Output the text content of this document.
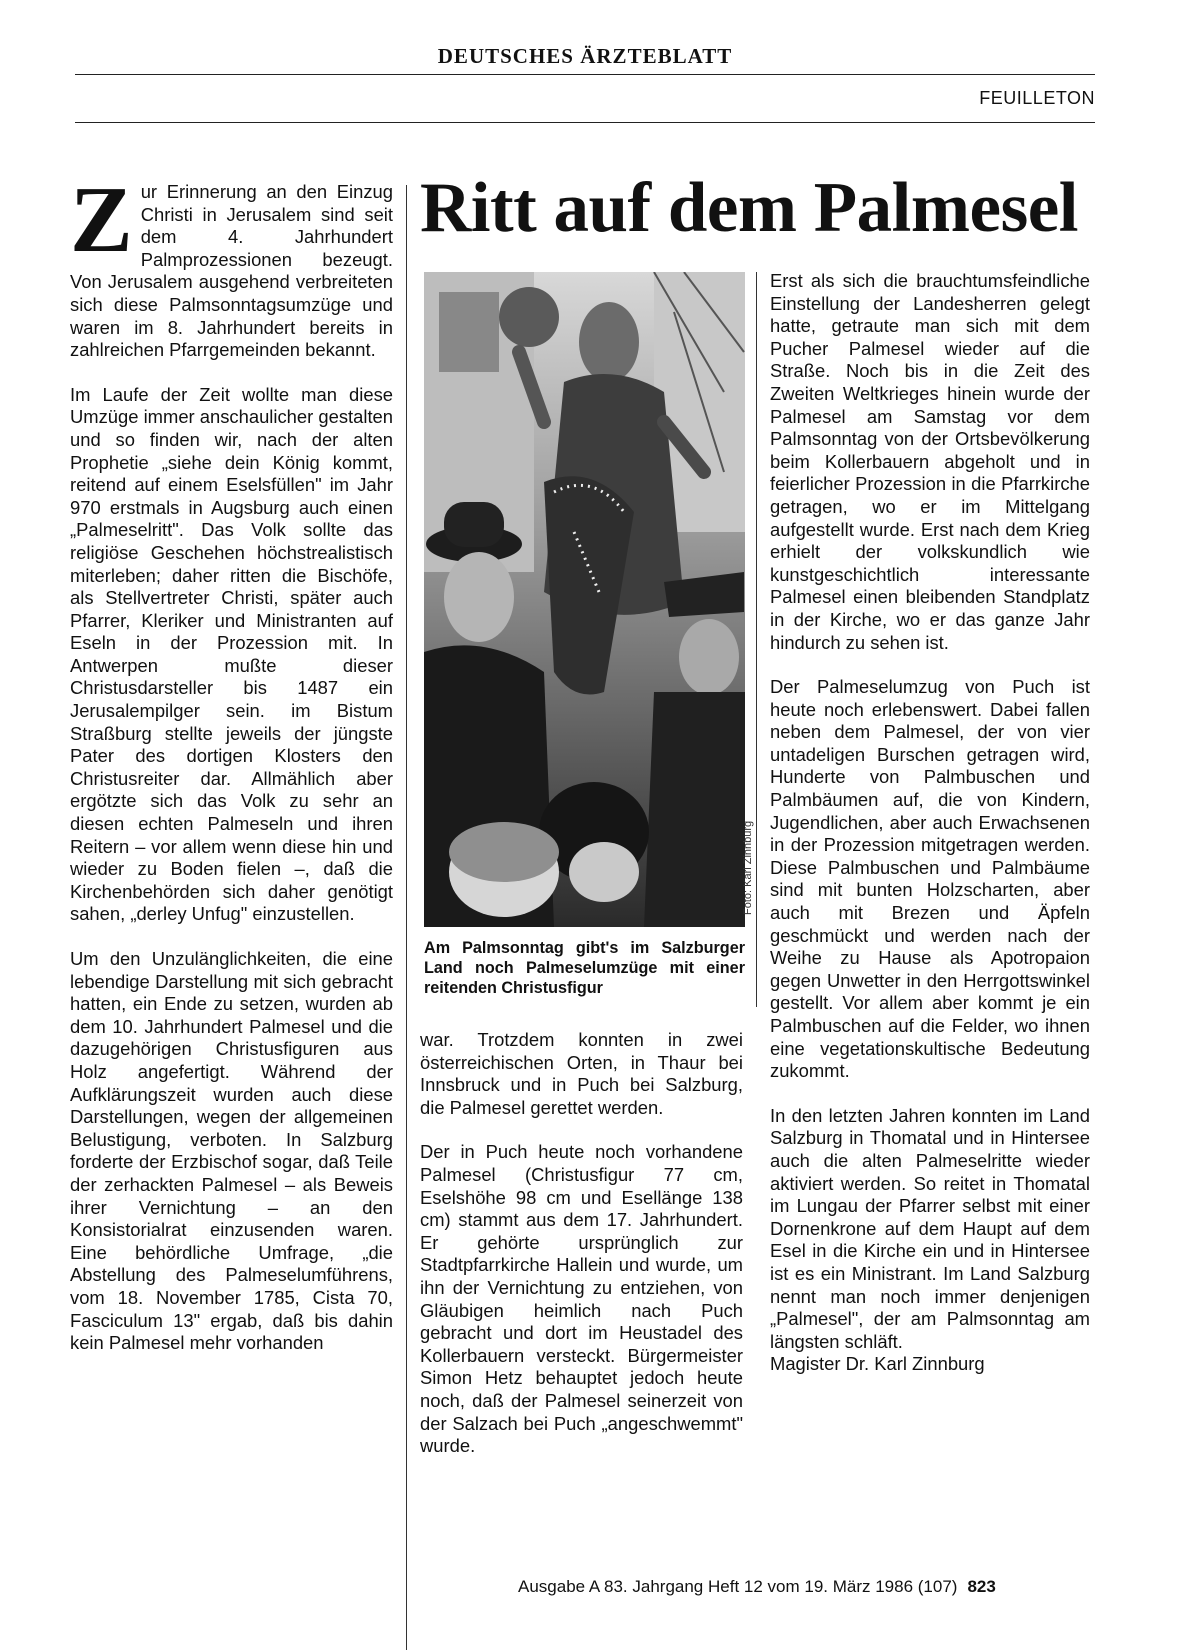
DEUTSCHES ÄRZTEBLATT
FEUILLETON

Zur Erinnerung an den Einzug Christi in Jerusalem sind seit dem 4. Jahrhundert Palmprozessionen bezeugt. Von Jerusalem ausgehend verbreiteten sich diese Palmsonntagsumzüge und waren im 8. Jahrhundert bereits in zahlreichen Pfarrgemeinden bekannt.

Im Laufe der Zeit wollte man diese Umzüge immer anschaulicher gestalten und so finden wir, nach der alten Prophetie „siehe dein König kommt, reitend auf einem Eselsfüllen" im Jahr 970 erstmals in Augsburg auch einen „Palmeselritt". Das Volk sollte das religiöse Geschehen höchstrealistisch miterleben; daher ritten die Bischöfe, als Stellvertreter Christi, später auch Pfarrer, Kleriker und Ministranten auf Eseln in der Prozession mit. In Antwerpen mußte dieser Christusdarsteller bis 1487 ein Jerusalempilger sein. im Bistum Straßburg stellte jeweils der jüngste Pater des dortigen Klosters den Christusreiter dar. Allmählich aber ergötzte sich das Volk zu sehr an diesen echten Palmeseln und ihren Reitern – vor allem wenn diese hin und wieder zu Boden fielen –, daß die Kirchenbehörden sich daher genötigt sahen, „derley Unfug" einzustellen.

Um den Unzulänglichkeiten, die eine lebendige Darstellung mit sich gebracht hatten, ein Ende zu setzen, wurden ab dem 10. Jahrhundert Palmesel und die dazugehörigen Christusfiguren aus Holz angefertigt. Während der Aufklärungszeit wurden auch diese Darstellungen, wegen der allgemeinen Belustigung, verboten. In Salzburg forderte der Erzbischof sogar, daß Teile der zerhackten Palmesel – als Beweis ihrer Vernichtung – an den Konsistorialrat einzusenden waren. Eine behördliche Umfrage, „die Abstellung des Palmeselumführens, vom 18. November 1785, Cista 70, Fasciculum 13" ergab, daß bis dahin kein Palmesel mehr vorhanden

Ritt auf dem Palmesel
Foto: Karl Zinnburg
Am Palmsonntag gibt's im Salzburger Land noch Palmeselumzüge mit einer reitenden Christusfigur

war. Trotzdem konnten in zwei österreichischen Orten, in Thaur bei Innsbruck und in Puch bei Salzburg, die Palmesel gerettet werden.

Der in Puch heute noch vorhandene Palmesel (Christusfigur 77 cm, Eselshöhe 98 cm und Esellänge 138 cm) stammt aus dem 17. Jahrhundert. Er gehörte ursprünglich zur Stadtpfarrkirche Hallein und wurde, um ihn der Vernichtung zu entziehen, von Gläubigen heimlich nach Puch gebracht und dort im Heustadel des Kollerbauern versteckt. Bürgermeister Simon Hetz behauptet jedoch heute noch, daß der Palmesel seinerzeit von der Salzach bei Puch „angeschwemmt" wurde.

Erst als sich die brauchtumsfeindliche Einstellung der Landesherren gelegt hatte, getraute man sich mit dem Pucher Palmesel wieder auf die Straße. Noch bis in die Zeit des Zweiten Weltkrieges hinein wurde der Palmesel am Samstag vor dem Palmsonntag von der Ortsbevölkerung beim Kollerbauern abgeholt und in feierlicher Prozession in die Pfarrkirche getragen, wo er im Mittelgang aufgestellt wurde. Erst nach dem Krieg erhielt der volkskundlich wie kunstgeschichtlich interessante Palmesel einen bleibenden Standplatz in der Kirche, wo er das ganze Jahr hindurch zu sehen ist.

Der Palmeselumzug von Puch ist heute noch erlebenswert. Dabei fallen neben dem Palmesel, der von vier untadeligen Burschen getragen wird, Hunderte von Palmbuschen und Palmbäumen auf, die von Kindern, Jugendlichen, aber auch Erwachsenen in der Prozession mitgetragen werden. Diese Palmbuschen und Palmbäume sind mit bunten Holzscharten, aber auch mit Brezen und Äpfeln geschmückt und werden nach der Weihe zu Hause als Apotropaion gegen Unwetter in den Herrgottswinkel gestellt. Vor allem aber kommt je ein Palmbuschen auf die Felder, wo ihnen eine vegetationskultische Bedeutung zukommt.

In den letzten Jahren konnten im Land Salzburg in Thomatal und in Hintersee auch die alten Palmeselritte wieder aktiviert werden. So reitet in Thomatal im Lungau der Pfarrer selbst mit einer Dornenkrone auf dem Haupt auf dem Esel in die Kirche ein und in Hintersee ist es ein Ministrant. Im Land Salzburg nennt man noch immer denjenigen „Palmesel", der am Palmsonntag am längsten schläft.

Magister Dr. Karl Zinnburg

Ausgabe A 83. Jahrgang Heft 12 vom 19. März 1986 (107) 823
